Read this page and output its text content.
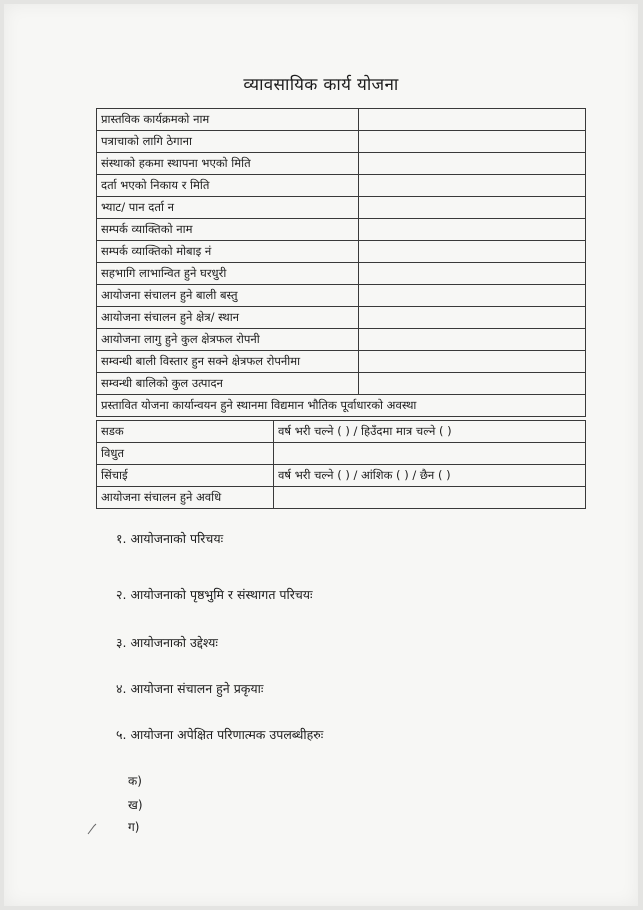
व्यावसायिक कार्य योजना
प्रास्तविक कार्यक्रमको नाम	
पत्राचाको लागि ठेगाना	
संस्थाको हकमा स्थापना भएको मिति	
दर्ता भएको निकाय र मिति	
भ्याट/ पान दर्ता न	
सम्पर्क व्याक्तिको नाम	
सम्पर्क व्याक्तिको मोबाइ नं	
सहभागि लाभान्वित हुने घरधुरी	
आयोजना संचालन हुने बाली बस्तु	
आयोजना संचालन हुने क्षेत्र/ स्थान	
आयोजना लागु हुने कुल क्षेत्रफल रोपनी	
सम्वन्धी बाली विस्तार हुन सक्ने क्षेत्रफल रोपनीमा	
सम्वन्धी बालिको कुल उत्पादन	
प्रस्तावित योजना कार्यान्वयन हुने स्थानमा विद्यमान भौतिक पूर्वाधारको अवस्था	
सडक	वर्ष भरी चल्ने ( ) / हिउँदमा मात्र चल्ने ( )
विधुत	
सिंचाई	वर्ष भरी चल्ने ( ) / आंशिक ( ) / छैन ( )
आयोजना संचालन हुने अवधि	
१. आयोजनाको परिचयः
२. आयोजनाको पृष्ठभुमि र संस्थागत परिचयः
३. आयोजनाको उद्देश्यः
४. आयोजना संचालन हुने प्रकृयाः
५. आयोजना अपेक्षित परिणात्मक उपलब्धीहरुः
क)
ख)
ग)
